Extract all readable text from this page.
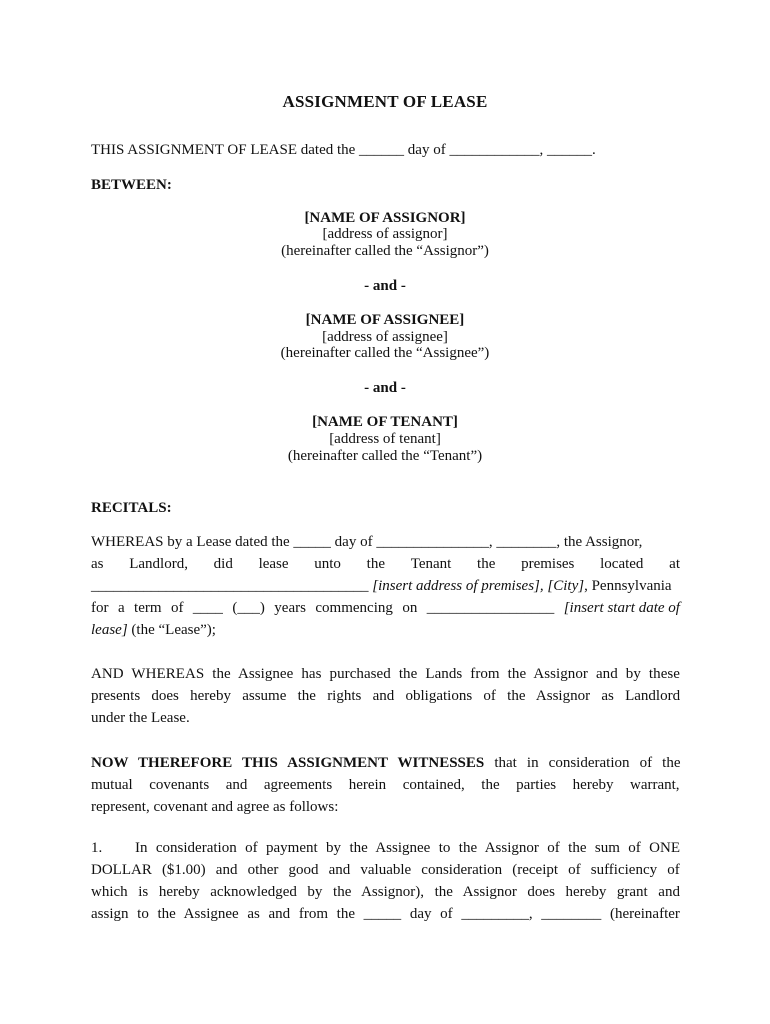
ASSIGNMENT OF LEASE
THIS ASSIGNMENT OF LEASE dated the ______ day of ____________, ______.
BETWEEN:
[NAME OF ASSIGNOR]
[address of assignor]
(hereinafter called the “Assignor”)
- and -
[NAME OF ASSIGNEE]
[address of assignee]
(hereinafter called the “Assignee”)
- and -
[NAME OF TENANT]
[address of tenant]
(hereinafter called the “Tenant”)
RECITALS:
WHEREAS by a Lease dated the _____ day of _______________, ________, the Assignor,
as Landlord, did lease unto the Tenant the premises located at
_____________________________________ [insert address of premises], [City], Pennsylvania
for a term of ____ (___) years commencing on _________________ [insert start date of
lease] (the “Lease”);
AND WHEREAS the Assignee has purchased the Lands from the Assignor and by these
presents does hereby assume the rights and obligations of the Assignor as Landlord
under the Lease.
NOW THEREFORE THIS ASSIGNMENT WITNESSES that in consideration of the
mutual covenants and agreements herein contained, the parties hereby warrant,
represent, covenant and agree as follows:
1. In consideration of payment by the Assignee to the Assignor of the sum of ONE
DOLLAR ($1.00) and other good and valuable consideration (receipt of sufficiency of
which is hereby acknowledged by the Assignor), the Assignor does hereby grant and
assign to the Assignee as and from the _____ day of _________, ________ (hereinafter
